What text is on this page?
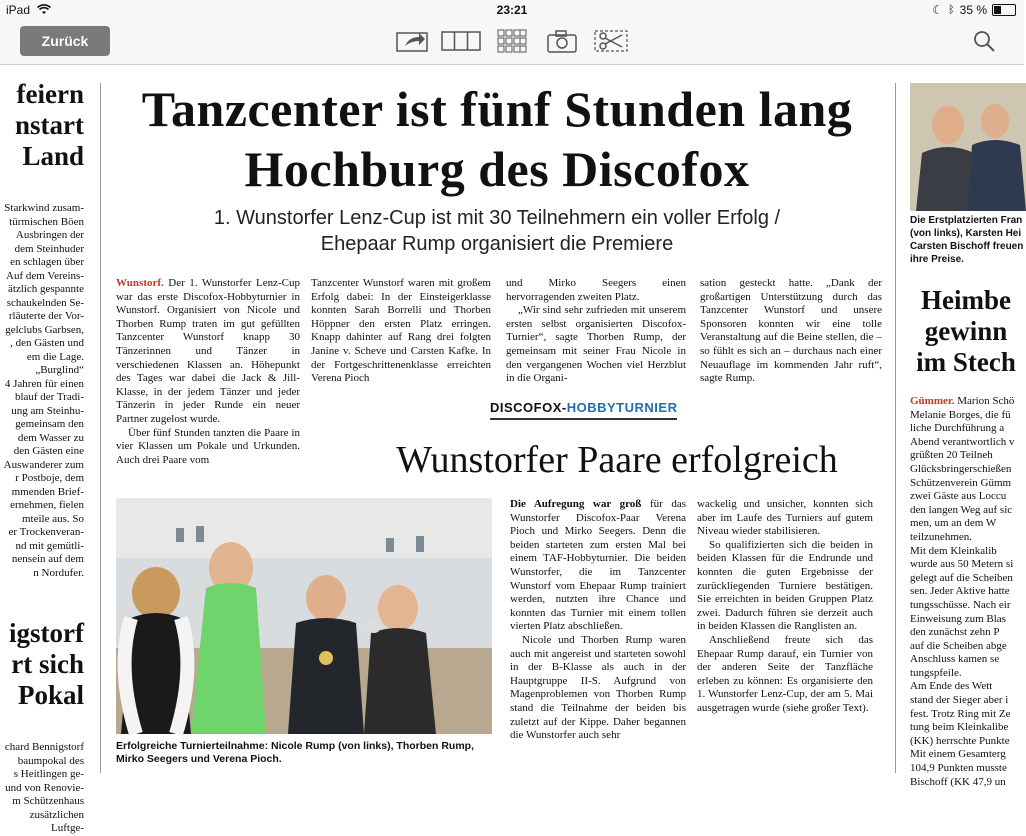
iPad	23:21	☾ ᛒ 35 %
Zurück
feiern
nstart
Land
Starkwind zusam-
türmischen Böen
Ausbringen der
dem Steinhuder
en schlagen über
Auf dem Vereins-
ätzlich gespannte
schaukelnden Se-
rläuterte der Vor-
gelclubs Garbsen,
, den Gästen und
em die Lage.
„Burglind“
4 Jahren für einen
blauf der Tradi-
ung am Steinhu-
gemeinsam den
dem Wasser zu
den Gästen eine
Auswanderer zum
r Postboje, dem
mmenden Brief-
ernehmen, fielen
mteile aus. So
er Trockenveran-
nd mit gemütli-
nensein auf dem
n Nordufer.
igstorf
rt sich
Pokal
chard Bennigstorf
baumpokal des
s Heitlingen ge-
und von Renovie-
m Schützenhaus
zusätzlichen Luftge-
Tanzcenter ist fünf Stunden lang
Hochburg des Discofox
1. Wunstorfer Lenz-Cup ist mit 30 Teilnehmern ein voller Erfolg /
Ehepaar Rump organisiert die Premiere

Wunstorf. Der 1. Wunstorfer Lenz-Cup war das erste Discofox-Hobbyturnier in Wunstorf. Organisiert von Nicole und Thorben Rump traten im gut gefüllten Tanzcenter Wunstorf knapp 30 Tänzerinnen und Tänzer in verschiedenen Klassen an. Höhepunkt des Tages war dabei die Jack & Jill-Klasse, in der jedem Tänzer und jeder Tänzerin in jeder Runde ein neuer Partner zugelost wurde.

Über fünf Stunden tanzten die Paare in vier Klassen um Pokale und Urkunden. Auch drei Paare vom

Tanzcenter Wunstorf waren mit großem Erfolg dabei: In der Einsteigerklasse konnten Sarah Borrelli und Thorben Höppner den ersten Platz erringen. Knapp dahinter auf Rang drei folgten Janine v. Scheve und Carsten Kafke. In der Fortgeschrittenenklasse erreichten Verena Pioch

und Mirko Seegers einen hervorragenden zweiten Platz.

„Wir sind sehr zufrieden mit unserem ersten selbst organisierten Discofox-Turnier“, sagte Thorben Rump, der gemeinsam mit seiner Frau Nicole in den vergangenen Wochen viel Herzblut in die Organi-

sation gesteckt hatte. „Dank der großartigen Unterstützung durch das Tanzcenter Wunstorf und unsere Sponsoren konnten wir eine tolle Veranstaltung auf die Beine stellen, die – so fühlt es sich an – durchaus nach einer Neuauflage im kommenden Jahr ruft“, sagte Rump.

DISCOFOX-HOBBYTURNIER
Wunstorfer Paare erfolgreich
Erfolgreiche Turnierteilnahme: Nicole Rump (von links), Thorben Rump, Mirko Seegers und Verena Pioch.

Die Aufregung war groß für das Wunstorfer Discofox-Paar Verena Pioch und Mirko Seegers. Denn die beiden starteten zum ersten Mal bei einem TAF-Hobbyturnier. Die beiden Wunstorfer, die im Tanzcenter Wunstorf vom Ehepaar Rump trainiert werden, nutzten ihre Chance und konnten das Turnier mit einem tollen vierten Platz abschließen.

Nicole und Thorben Rump waren auch mit angereist und starteten sowohl in der B-Klasse als auch in der Hauptgruppe II-S. Aufgrund von Magenproblemen von Thorben Rump stand die Teilnahme der beiden bis zuletzt auf der Kippe. Daher begannen die Wunstorfer auch sehr

wackelig und unsicher, konnten sich aber im Laufe des Turniers auf gutem Niveau wieder stabilisieren.

So qualifizierten sich die beiden in beiden Klassen für die Endrunde und konnten die guten Ergebnisse der zurückliegenden Turniere bestätigen. Sie erreichten in beiden Gruppen Platz zwei. Dadurch führen sie derzeit auch in beiden Klassen die Ranglisten an.

Anschließend freute sich das Ehepaar Rump darauf, ein Turnier von der anderen Seite der Tanzfläche erleben zu können: Es organisierte den 1. Wunstorfer Lenz-Cup, der am 5. Mai ausgetragen wurde (siehe großer Text).

Die Erstplatzierten Fran
(von links), Karsten Hei
Carsten Bischoff freuen
ihre Preise.
Heimbe
gewinn
im Stech
Gümmer. Marion Schö
Melanie Borges, die fü
liche Durchführung a
Abend verantwortlich v
grüßten 20 Teilneh
Glücksbringerschießen
Schützenverein Gümm
zwei Gäste aus Loccu
den langen Weg auf sic
men, um an dem W
teilzunehmen.
Mit dem Kleinkalib
wurde aus 50 Metern si
gelegt auf die Scheiben
sen. Jeder Aktive hatte
tungsschüsse. Nach eir
Einweisung zum Blas
den zunächst zehn P
auf die Scheiben abge
Anschluss kamen se
tungspfeile.
Am Ende des Wett
stand der Sieger aber i
fest. Trotz Ring mit Ze
tung beim Kleinkalibe
(KK) herrschte Punkte
Mit einem Gesamterg
104,9 Punkten musste
Bischoff (KK 47,9 un
